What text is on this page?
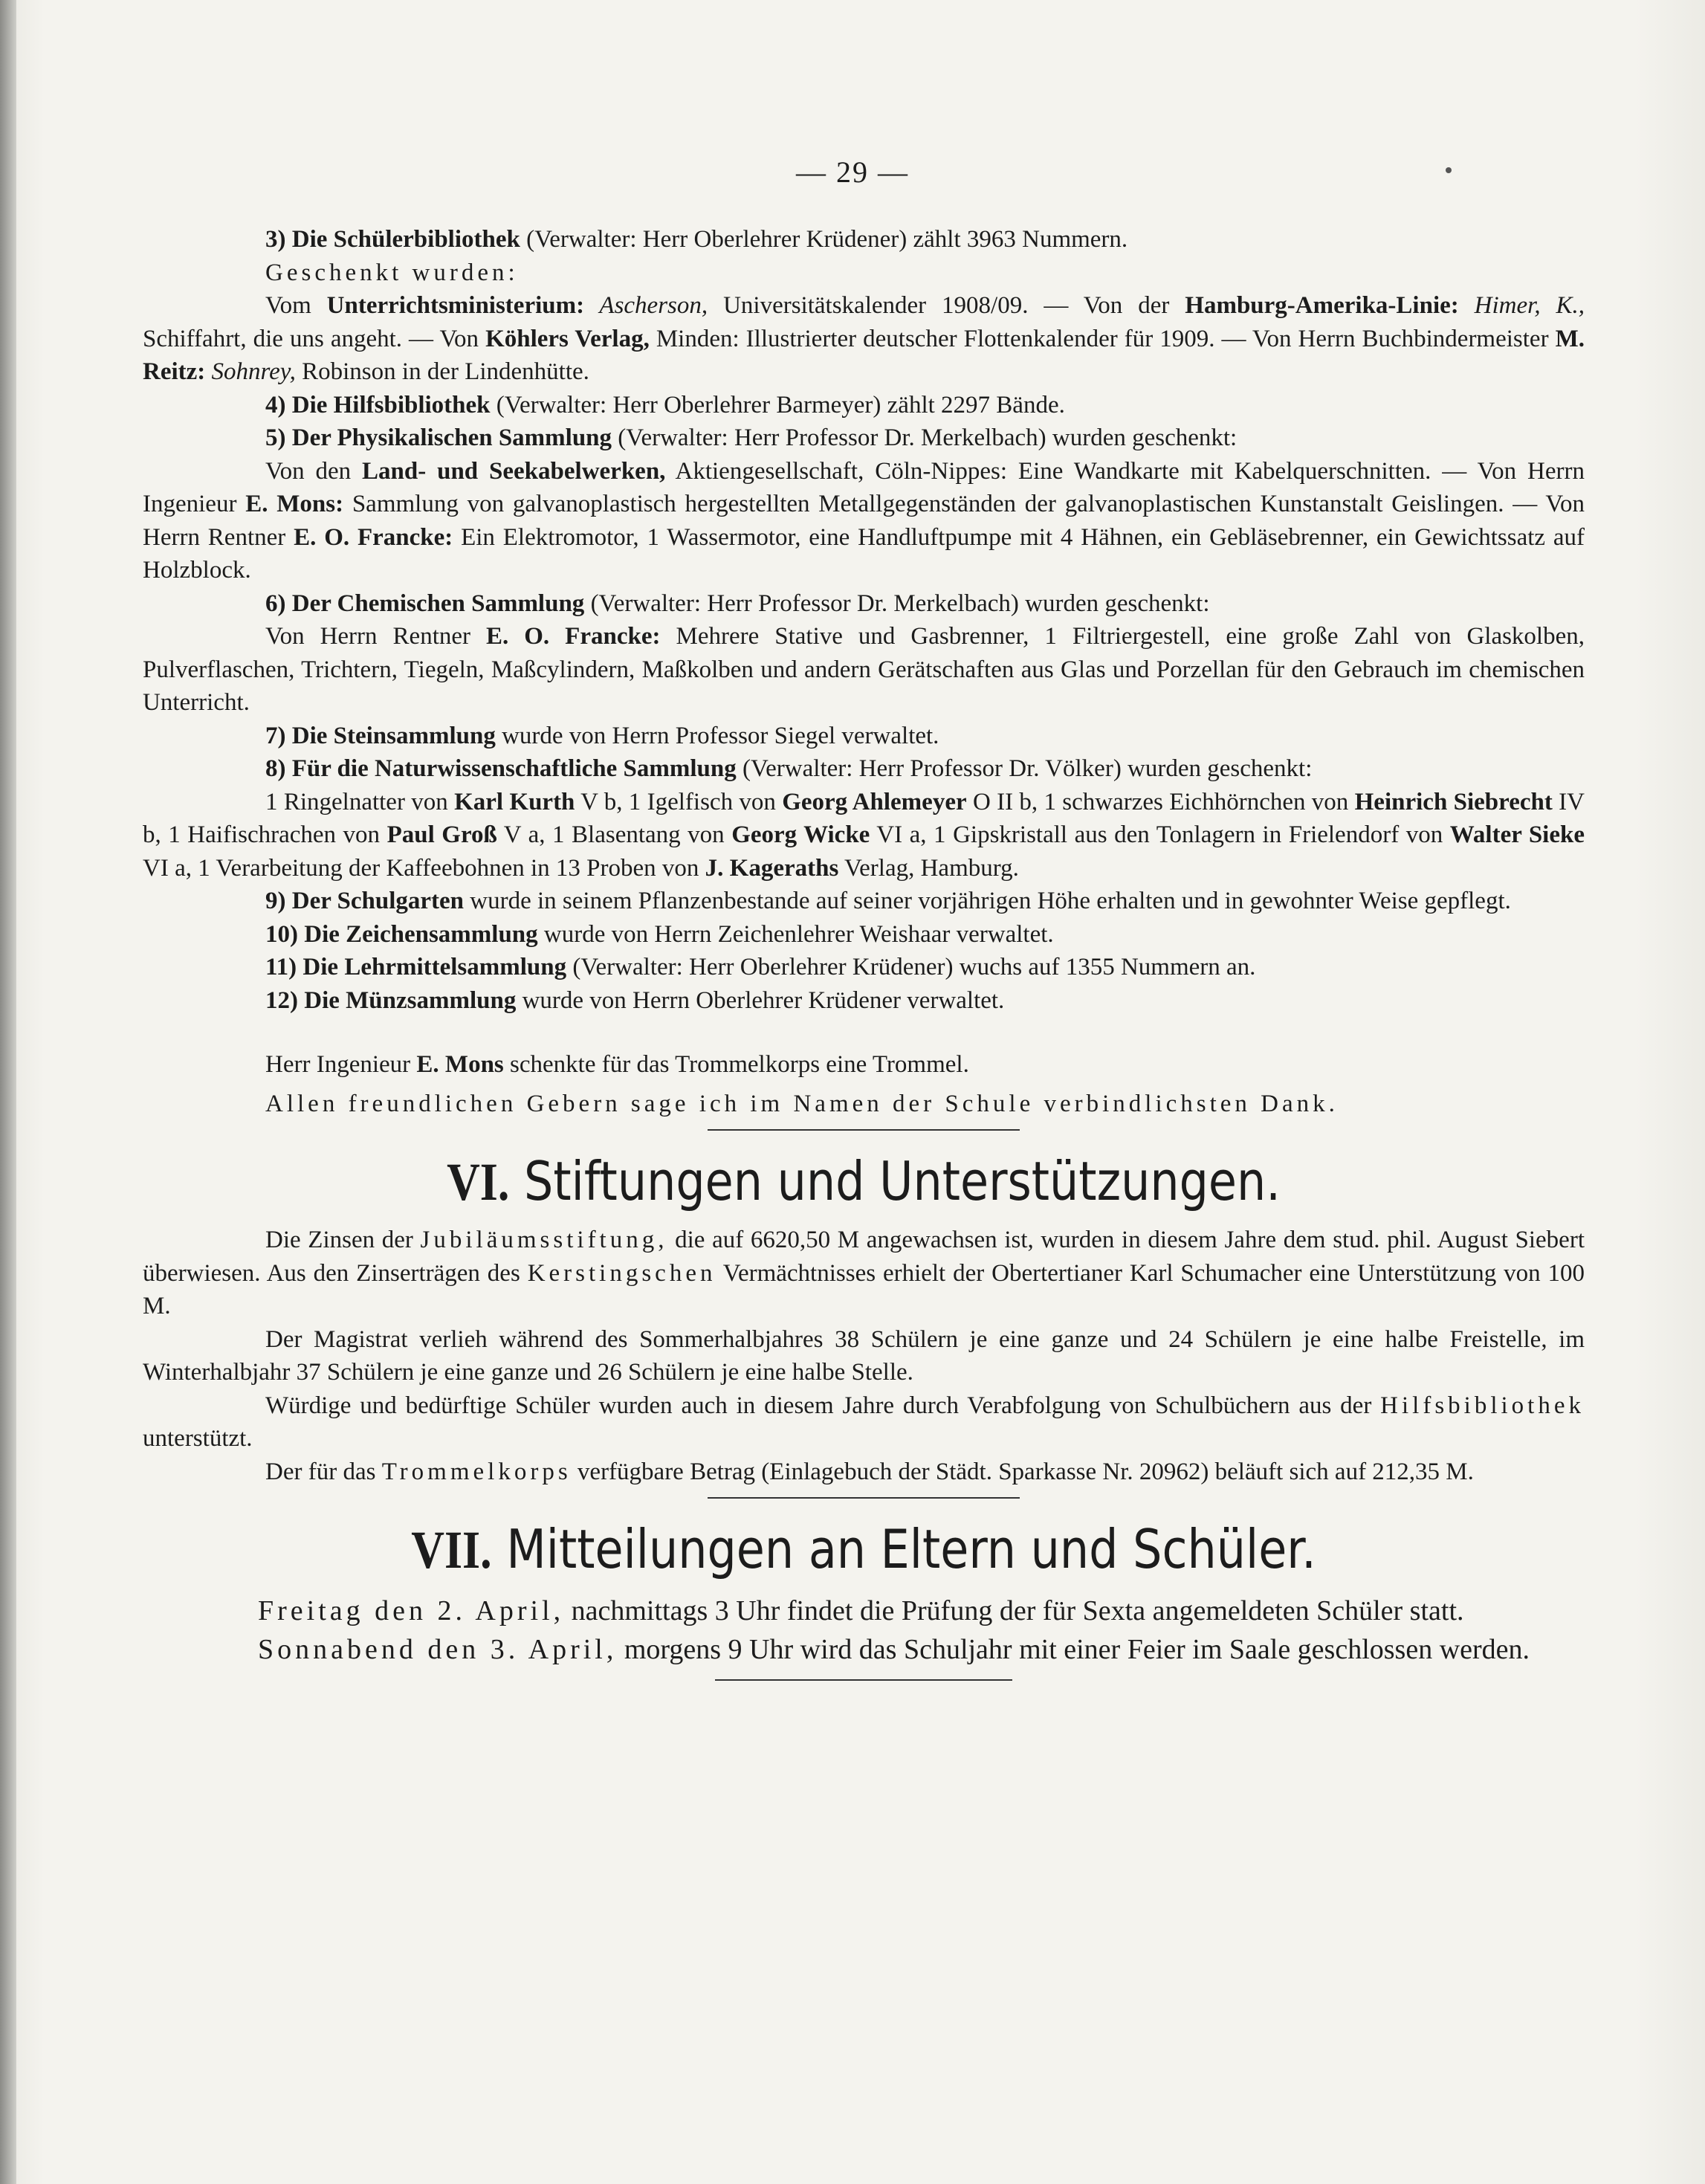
— 29 —

3) Die Schülerbibliothek (Verwalter: Herr Oberlehrer Krüdener) zählt 3963 Nummern.

Geschenkt wurden:

Vom Unterrichtsministerium: Ascherson, Universitätskalender 1908/09. — Von der Hamburg-Amerika-Linie: Himer, K., Schiffahrt, die uns angeht. — Von Köhlers Verlag, Minden: Illustrierter deutscher Flottenkalender für 1909. — Von Herrn Buchbindermeister M. Reitz: Sohnrey, Robinson in der Lindenhütte.

4) Die Hilfsbibliothek (Verwalter: Herr Oberlehrer Barmeyer) zählt 2297 Bände.

5) Der Physikalischen Sammlung (Verwalter: Herr Professor Dr. Merkelbach) wurden geschenkt:

Von den Land- und Seekabelwerken, Aktiengesellschaft, Cöln-Nippes: Eine Wandkarte mit Kabelquerschnitten. — Von Herrn Ingenieur E. Mons: Sammlung von galvanoplastisch hergestellten Metallgegenständen der galvanoplastischen Kunstanstalt Geislingen. — Von Herrn Rentner E. O. Francke: Ein Elektromotor, 1 Wassermotor, eine Handluftpumpe mit 4 Hähnen, ein Gebläsebrenner, ein Gewichtssatz auf Holzblock.

6) Der Chemischen Sammlung (Verwalter: Herr Professor Dr. Merkelbach) wurden geschenkt:

Von Herrn Rentner E. O. Francke: Mehrere Stative und Gasbrenner, 1 Filtriergestell, eine große Zahl von Glaskolben, Pulverflaschen, Trichtern, Tiegeln, Maßcylindern, Maßkolben und andern Gerätschaften aus Glas und Porzellan für den Gebrauch im chemischen Unterricht.

7) Die Steinsammlung wurde von Herrn Professor Siegel verwaltet.

8) Für die Naturwissenschaftliche Sammlung (Verwalter: Herr Professor Dr. Völker) wurden geschenkt:

1 Ringelnatter von Karl Kurth V b, 1 Igelfisch von Georg Ahlemeyer O II b, 1 schwarzes Eichhörnchen von Heinrich Siebrecht IV b, 1 Haifischrachen von Paul Groß V a, 1 Blasentang von Georg Wicke VI a, 1 Gipskristall aus den Tonlagern in Frielendorf von Walter Sieke VI a, 1 Verarbeitung der Kaffeebohnen in 13 Proben von J. Kageraths Verlag, Hamburg.

9) Der Schulgarten wurde in seinem Pflanzenbestande auf seiner vorjährigen Höhe erhalten und in gewohnter Weise gepflegt.

10) Die Zeichensammlung wurde von Herrn Zeichenlehrer Weishaar verwaltet.

11) Die Lehrmittelsammlung (Verwalter: Herr Oberlehrer Krüdener) wuchs auf 1355 Nummern an.

12) Die Münzsammlung wurde von Herrn Oberlehrer Krüdener verwaltet.

Herr Ingenieur E. Mons schenkte für das Trommelkorps eine Trommel.

Allen freundlichen Gebern sage ich im Namen der Schule verbindlichsten Dank.

VI. Stiftungen und Unterstützungen.

Die Zinsen der Jubiläumsstiftung, die auf 6620,50 M angewachsen ist, wurden in diesem Jahre dem stud. phil. August Siebert überwiesen. Aus den Zinserträgen des Kerstingschen Vermächtnisses erhielt der Obertertianer Karl Schumacher eine Unterstützung von 100 M.

Der Magistrat verlieh während des Sommerhalbjahres 38 Schülern je eine ganze und 24 Schülern je eine halbe Freistelle, im Winterhalbjahr 37 Schülern je eine ganze und 26 Schülern je eine halbe Stelle.

Würdige und bedürftige Schüler wurden auch in diesem Jahre durch Verabfolgung von Schulbüchern aus der Hilfsbibliothek unterstützt.

Der für das Trommelkorps verfügbare Betrag (Einlagebuch der Städt. Sparkasse Nr. 20962) beläuft sich auf 212,35 M.

VII. Mitteilungen an Eltern und Schüler.

Freitag den 2. April, nachmittags 3 Uhr findet die Prüfung der für Sexta angemeldeten Schüler statt.

Sonnabend den 3. April, morgens 9 Uhr wird das Schuljahr mit einer Feier im Saale geschlossen werden.
